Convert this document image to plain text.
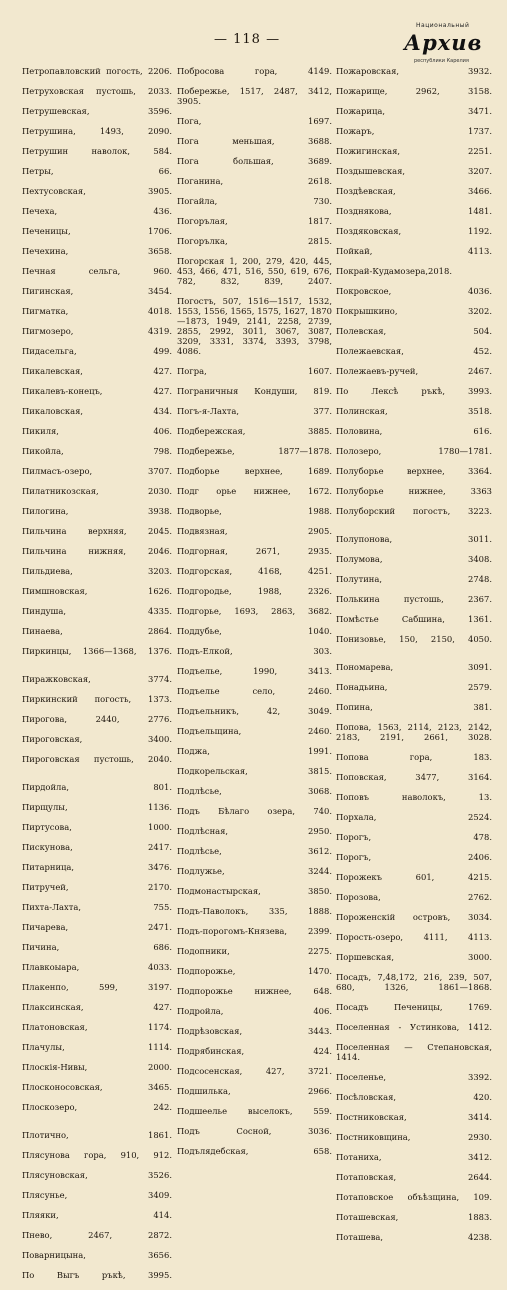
— 118 —
Национальный
Архив
республики Карелия
Петропавловский погость, 2206.
Петруховская пустошь, 2033.
Петрушевская, 3596.
Петрушина, 1493, 2090.
Петрушин наволок, 584.
Петры, 66.
Пехтусовская, 3905.
Печеха, 436.
Печеницы, 1706.
Печехина, 3658.
Печная сельга, 960.
Пигинская, 3454.
Пигматка, 4018.
Пигмозеро, 4319.
Пидасельга, 499.
Пикалевская, 427.
Пикалевъ-конецъ, 427.
Пикаловская, 434.
Пикиля, 406.
Пикойла, 798.
Пилмасъ-озеро, 3707.
Пилатникозская, 2030.
Пилогина, 3938.
Пильчина верхняя, 2045.
Пильчина нижняя, 2046.
Пильдиева, 3203.
Пимшновская, 1626.
Пиндуша, 4335.
Пинаева, 2864.
Пиркинцы, 1366—1368, 1376.
Пиражковская, 3774.
Пиркинский погость, 1373.
Пирогова, 2440, 2776.
Пироговская, 3400.
Пироговская пустошь, 2040.
Пирдойла, 801.
Пирщулы, 1136.
Пиртусова, 1000.
Пискунова, 2417.
Питарница, 3476.
Питручей, 2170.
Пихта-Лахта, 755.
Пичарева, 2471.
Пичина, 686.
Плавкоыара, 4033.
Плакенпо, 599, 3197.
Плаксинская, 427.
Платоновская, 1174.
Плачулы, 1114.
Плоскiя-Нивы, 2000.
Плосконосовская, 3465.
Плоскозеро, 242.
Плотично, 1861.
Плясунова гора, 910, 912.
Плясуновская, 3526.
Плясунье, 3409.
Пляяки, 414.
Пнево, 2467, 2872.
Поварницына, 3656.
По Выгъ ръкѣ, 3995.
Побросова гора, 4149.
Побережье, 1517, 2487, 3412, 3905.
Погa, 1697.
Пога меньшая, 3688.
Пога большая, 3689.
Поганина, 2618.
Погайла, 730.
Погорълая, 1817.
Погорълка, 2815.
Погорская 1, 200, 279, 420, 445, 453, 466, 471, 516, 550, 619, 676, 782, 832, 839, 2407.
Погостъ, 507, 1516—1517, 1532, 1553, 1556, 1565, 1575, 1627, 1870—1873, 1949, 2141, 2258, 2739, 2855, 2992, 3011, 3067, 3087, 3209, 3331, 3374, 3393, 3798, 4086.
Погра, 1607.
Пограничныя Кондуши, 819.
Погъ-я-Лахта, 377.
Подбережская, 3885.
Подбережье, 1877—1878.
Подборье верхнее, 1689.
Подг орье нижнее, 1672.
Подворье, 1988.
Подвязная, 2905.
Подгорная, 2671, 2935.
Подгорская, 4168, 4251.
Подгородье, 1988, 2326.
Подгорье, 1693, 2863, 3682.
Поддубье, 1040.
Подъ-Елкой, 303.
Подъелье, 1990, 3413.
Подъелье село, 2460.
Подъельникъ, 42, 3049.
Подъельщина, 2460.
Поджа, 1991.
Подкорельская, 3815.
Подлѣсье, 3068.
Подъ Бѣлаго озера, 740.
Подлѣсная, 2950.
Подлѣсье, 3612.
Подлужье, 3244.
Подмонастырская, 3850.
Подъ-Паволокъ, 335, 1888.
Подъ-порогомъ-Князева, 2399.
Подопники, 2275.
Подпорожье, 1470.
Подпорожье нижнее, 648.
Подройла, 406.
Подрѣзовская, 3443.
Подрябинская, 424.
Подсосенская, 427, 3721.
Подшилька, 2966.
Подшеелье выселокъ, 559.
Подъ Сосной, 3036.
Подълядебская, 658.
Пожаровская, 3932.
Пожарище, 2962, 3158.
Пожарица, 3471.
Пожаръ, 1737.
Пожигинская, 2251.
Поздышевская, 3207.
Поздѣевская, 3466.
Позднякова, 1481.
Поздяковская, 1192.
Пойкай, 4113.
Покрай-Кудамозера,2018.
Покровское, 4036.
Покрышкино, 3202.
Полевская, 504.
Полежаевская, 452.
Полежаевъ-ручей, 2467.
По Лексѣ ръкѣ, 3993.
Полинская, 3518.
Половина, 616.
Полозеро, 1780—1781.
Полуборье верхнее, 3364.
Полуборье нижнее, 3363
Полуборский погостъ, 3223.
Полупонова, 3011.
Полумова, 3408.
Полутина, 2748.
Полькина пустошь, 2367.
Помѣстье Сабшина, 1361.
Понизовье, 150, 2150, 4050.
Пономарева, 3091.
Понадьина, 2579.
Попина, 381.
Попова, 1563, 2114, 2123, 2142, 2183, 2191, 2661, 3028.
Попова гора, 183.
Поповская, 3477, 3164.
Поповъ наволокъ, 13.
Порхала, 2524.
Порогъ, 478.
Порогъ, 2406.
Порожекъ 601, 4215.
Порозова, 2762.
Пороженскій островъ, 3034.
Порость-озеро, 4111, 4113.
Поршевская, 3000.
Посадъ, 7,48,172, 216, 239, 507, 680, 1326, 1861—1868.
Посадъ Печеницы, 1769.
Поселеннaя - Устинкова, 1412.
Поселенная — Степановская, 1414.
Поселенье, 3392.
Посѣловская, 420.
Постниковская, 3414.
Постниковщина, 2930.
Потаниха, 3412.
Потаповская, 2644.
Потаповское объѣзщина, 109.
Поташевская, 1883.
Поташева, 4238.
